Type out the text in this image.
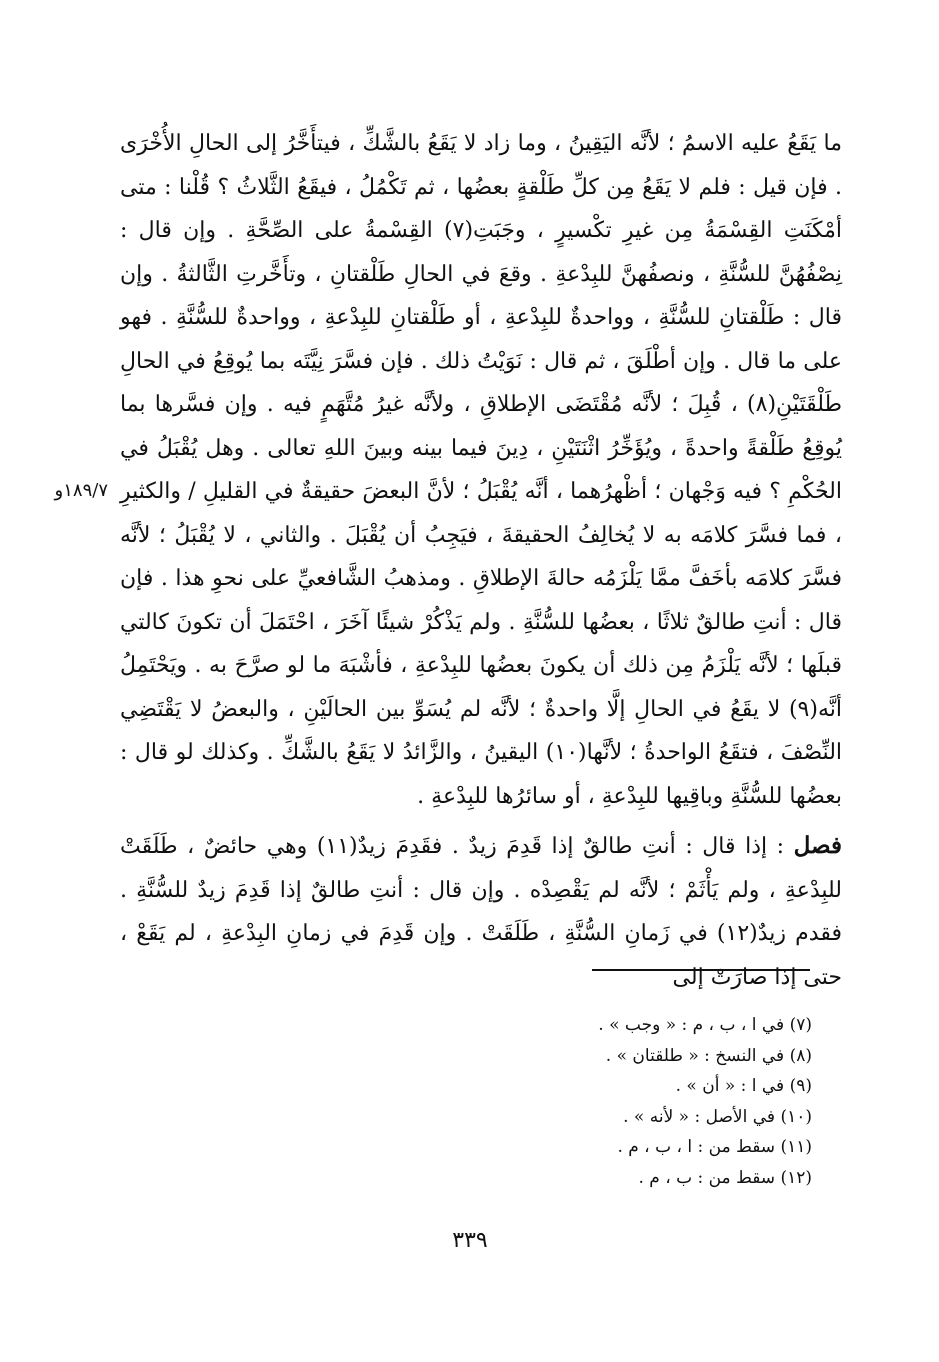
ما يَقَعُ عليه الاسمُ ؛ لأنَّه اليَقِينُ ، وما زاد لا يَقَعُ بالشَّكِّ ، فيتأَخَّرُ إلى الحالِ الأُخْرَى . فإن قيل : فلم لا يَقَعُ مِن كلِّ طَلْقةٍ بعضُها ، ثم تَكْمُلُ ، فيقَعُ الثَّلاثُ ؟ قُلْنا : متى أمْكَنَتِ القِسْمَةُ مِن غيرِ تكْسيرٍ ، وجَبَتِ(٧) القِسْمةُ على الصِّحَّةِ . وإن قال : نِصْفُهُنَّ للسُّنَّةِ ، ونصفُهنَّ للبِدْعةِ . وقعَ في الحالِ طَلْقتانِ ، وتأَخَّرتِ الثَّالثةُ . وإن قال : طَلْقتانِ للسُّنَّةِ ، وواحدةٌ للبِدْعةِ ، أو طَلْقتانِ للبِدْعةِ ، وواحدةٌ للسُّنَّةِ . فهو على ما قال . وإن أطْلَقَ ، ثم قال : نَوَيْتُ ذلك . فإن فسَّرَ نِيَّتَه بما يُوقِعُ في الحالِ طَلْقَتَيْنِ(٨) ، قُبِلَ ؛ لأنَّه مُقْتَضَى الإطلاقِ ، ولأنَّه غيرُ مُتَّهَمٍ فيه . وإن فسَّرها بما يُوقِعُ طَلْقةً واحدةً ، ويُؤَخِّرُ اثْنَتَيْنِ ، دِينَ فيما بينه وبينَ اللهِ تعالى . وهل يُقْبَلُ في الحُكْمِ ؟ فيه وَجْهان ؛ أظْهرُهما ، أنَّه يُقْبَلُ ؛ لأنَّ البعضَ حقيقةٌ في القليلِ / والكثيرِ ، فما فسَّرَ كلامَه به لا يُخالِفُ الحقيقةَ ، فيَجِبُ أن يُقْبَلَ . والثاني ، لا يُقْبَلُ ؛ لأنَّه فسَّرَ كلامَه بأخَفَّ ممَّا يَلْزَمُه حالةَ الإطلاقِ . ومذهبُ الشَّافعيِّ على نحوِ هذا . فإن قال : أنتِ طالقٌ ثلاثًا ، بعضُها للسُّنَّةِ . ولم يَذْكُرْ شيئًا آخَرَ ، احْتَمَلَ أن تكونَ كالتي قبلَها ؛ لأنَّه يَلْزَمُ مِن ذلك أن يكونَ بعضُها للبِدْعةِ ، فأشْبَهَ ما لو صرَّحَ به . ويَحْتَمِلُ أنَّه(٩) لا يقَعُ في الحالِ إلَّا واحدةٌ ؛ لأنَّه لم يُسَوِّ بين الحالَيْنِ ، والبعضُ لا يَقْتَضِي النِّصْفَ ، فتقَعُ الواحدةُ ؛ لأنَّها(١٠) اليقينُ ، والزَّائدُ لا يَقَعُ بالشَّكِّ . وكذلك لو قال : بعضُها للسُّنَّةِ وباقِيها للبِدْعةِ ، أو سائرُها للبِدْعةِ .

فصل : إذا قال : أنتِ طالقٌ إذا قَدِمَ زيدٌ . فقَدِمَ زيدٌ(١١) وهي حائضٌ ، طَلَقَتْ للبِدْعةِ ، ولم يَأْثَمْ ؛ لأنَّه لم يَقْصِدْه . وإن قال : أنتِ طالقٌ إذا قَدِمَ زيدٌ للسُّنَّةِ . فقدم زيدٌ(١٢) في زَمانِ السُّنَّةِ ، طَلَقَتْ . وإن قَدِمَ في زمانِ البِدْعةِ ، لم يَقَعْ ، حتى إذا صارَتْ إلى

١٨٩/٧و
(٧) في ا ، ب ، م : « وجب » .
(٨) في النسخ : « طلقتان » .
(٩) في ا : « أن » .
(١٠) في الأصل : « لأنه » .
(١١) سقط من : ا ، ب ، م .
(١٢) سقط من : ب ، م .
٣٣٩
